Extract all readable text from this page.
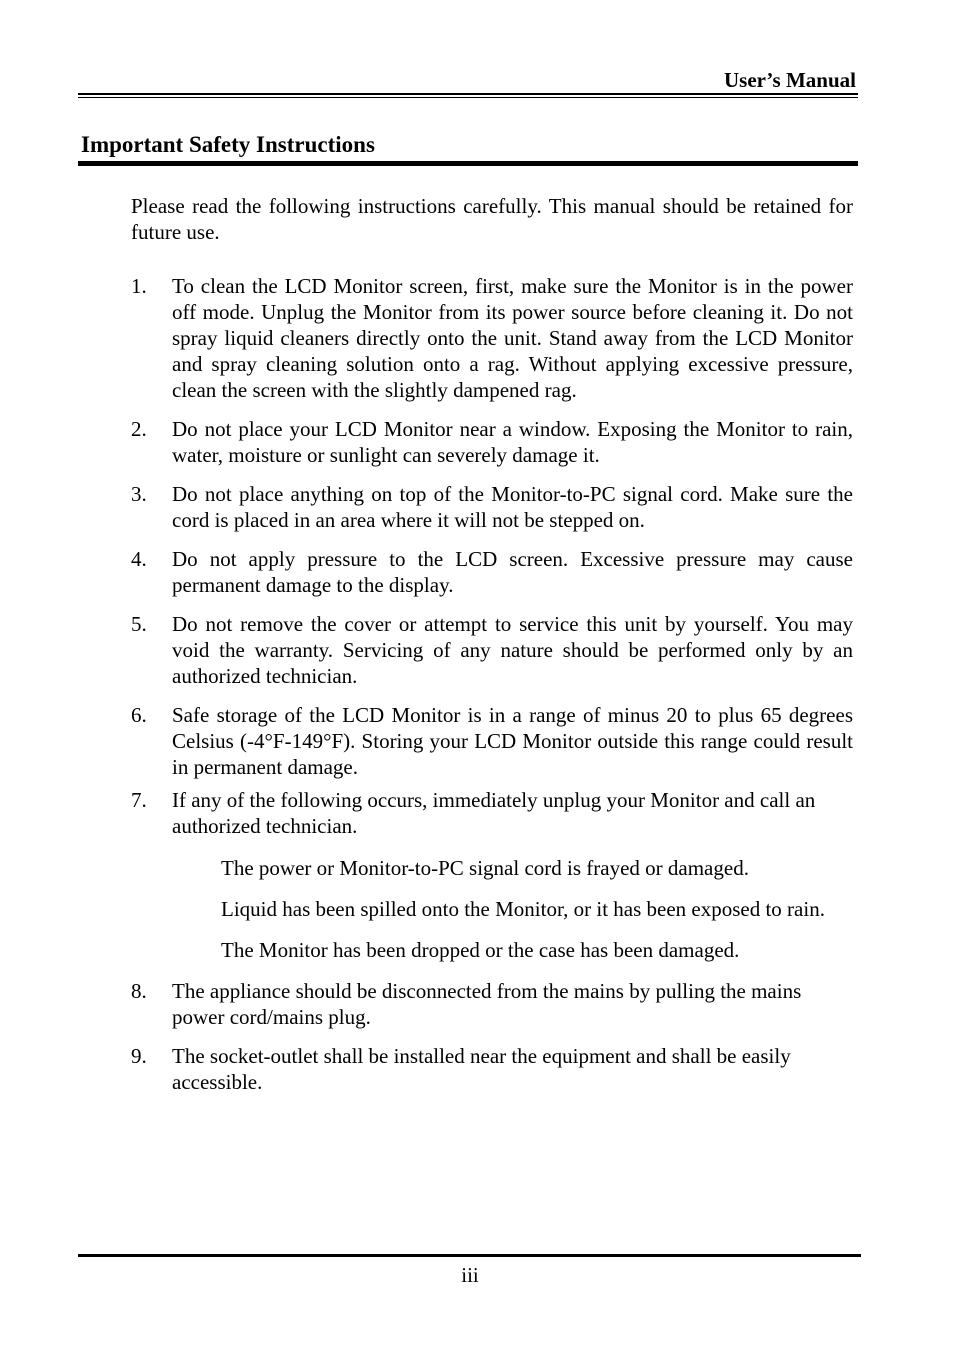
User’s Manual
Important Safety Instructions

Please read the following instructions carefully. This manual should be retained for future use.

1. To clean the LCD Monitor screen, first, make sure the Monitor is in the power off mode. Unplug the Monitor from its power source before cleaning it. Do not spray liquid cleaners directly onto the unit. Stand away from the LCD Monitor and spray cleaning solution onto a rag. Without applying excessive pressure, clean the screen with the slightly dampened rag.
2. Do not place your LCD Monitor near a window. Exposing the Monitor to rain, water, moisture or sunlight can severely damage it.
3. Do not place anything on top of the Monitor-to-PC signal cord. Make sure the cord is placed in an area where it will not be stepped on.
4. Do not apply pressure to the LCD screen. Excessive pressure may cause permanent damage to the display.
5. Do not remove the cover or attempt to service this unit by yourself. You may void the warranty. Servicing of any nature should be performed only by an authorized technician.
6. Safe storage of the LCD Monitor is in a range of minus 20 to plus 65 degrees Celsius (-4°F-149°F). Storing your LCD Monitor outside this range could result in permanent damage.
7. If any of the following occurs, immediately unplug your Monitor and call an authorized technician.
The power or Monitor-to-PC signal cord is frayed or damaged.
Liquid has been spilled onto the Monitor, or it has been exposed to rain.
The Monitor has been dropped or the case has been damaged.
8. The appliance should be disconnected from the mains by pulling the mains power cord/mains plug.
9. The socket-outlet shall be installed near the equipment and shall be easily accessible.
iii
